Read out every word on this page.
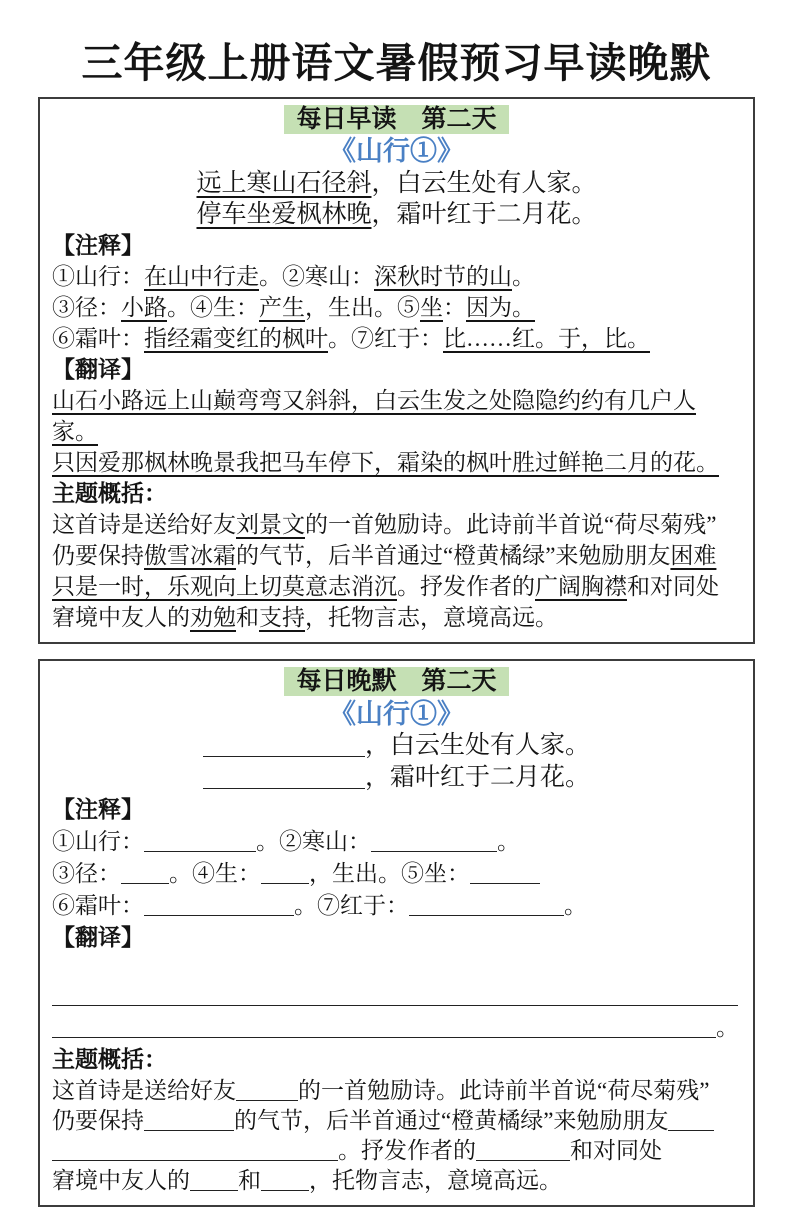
三年级上册语文暑假预习早读晚默
每日早读　第二天
《山行①》
远上寒山石径斜，白云生处有人家。
停车坐爱枫林晚，霜叶红于二月花。
【注释】
①山行：在山中行走。②寒山：深秋时节的山。
③径：小路。④生：产生，生出。⑤坐：因为。
⑥霜叶：指经霜变红的枫叶。⑦红于：比……红。于，比。
【翻译】
山石小路远上山巅弯弯又斜斜，白云生发之处隐隐约约有几户人家。
只因爱那枫林晚景我把马车停下，霜染的枫叶胜过鲜艳二月的花。
主题概括：
这首诗是送给好友刘景文的一首勉励诗。此诗前半首说“荷尽菊残”
仍要保持傲雪冰霜的气节，后半首通过“橙黄橘绿”来勉励朋友困难
只是一时，乐观向上切莫意志消沉。抒发作者的广阔胸襟和对同处
窘境中友人的劝勉和支持，托物言志，意境高远。
每日晚默　第二天
《山行①》
，白云生处有人家。
，霜叶红于二月花。
【注释】
①山行：	。②寒山：	。
③径： 。④生： ，生出。⑤坐：
⑥霜叶：	。⑦红于：	。
【翻译】
。
主题概括：
这首诗是送给好友	的一首勉励诗。此诗前半首说“荷尽菊残”
仍要保持	的气节，后半首通过“橙黄橘绿”来勉励朋友
。抒发作者的	和对同处
窘境中友人的 和 ，托物言志，意境高远。
